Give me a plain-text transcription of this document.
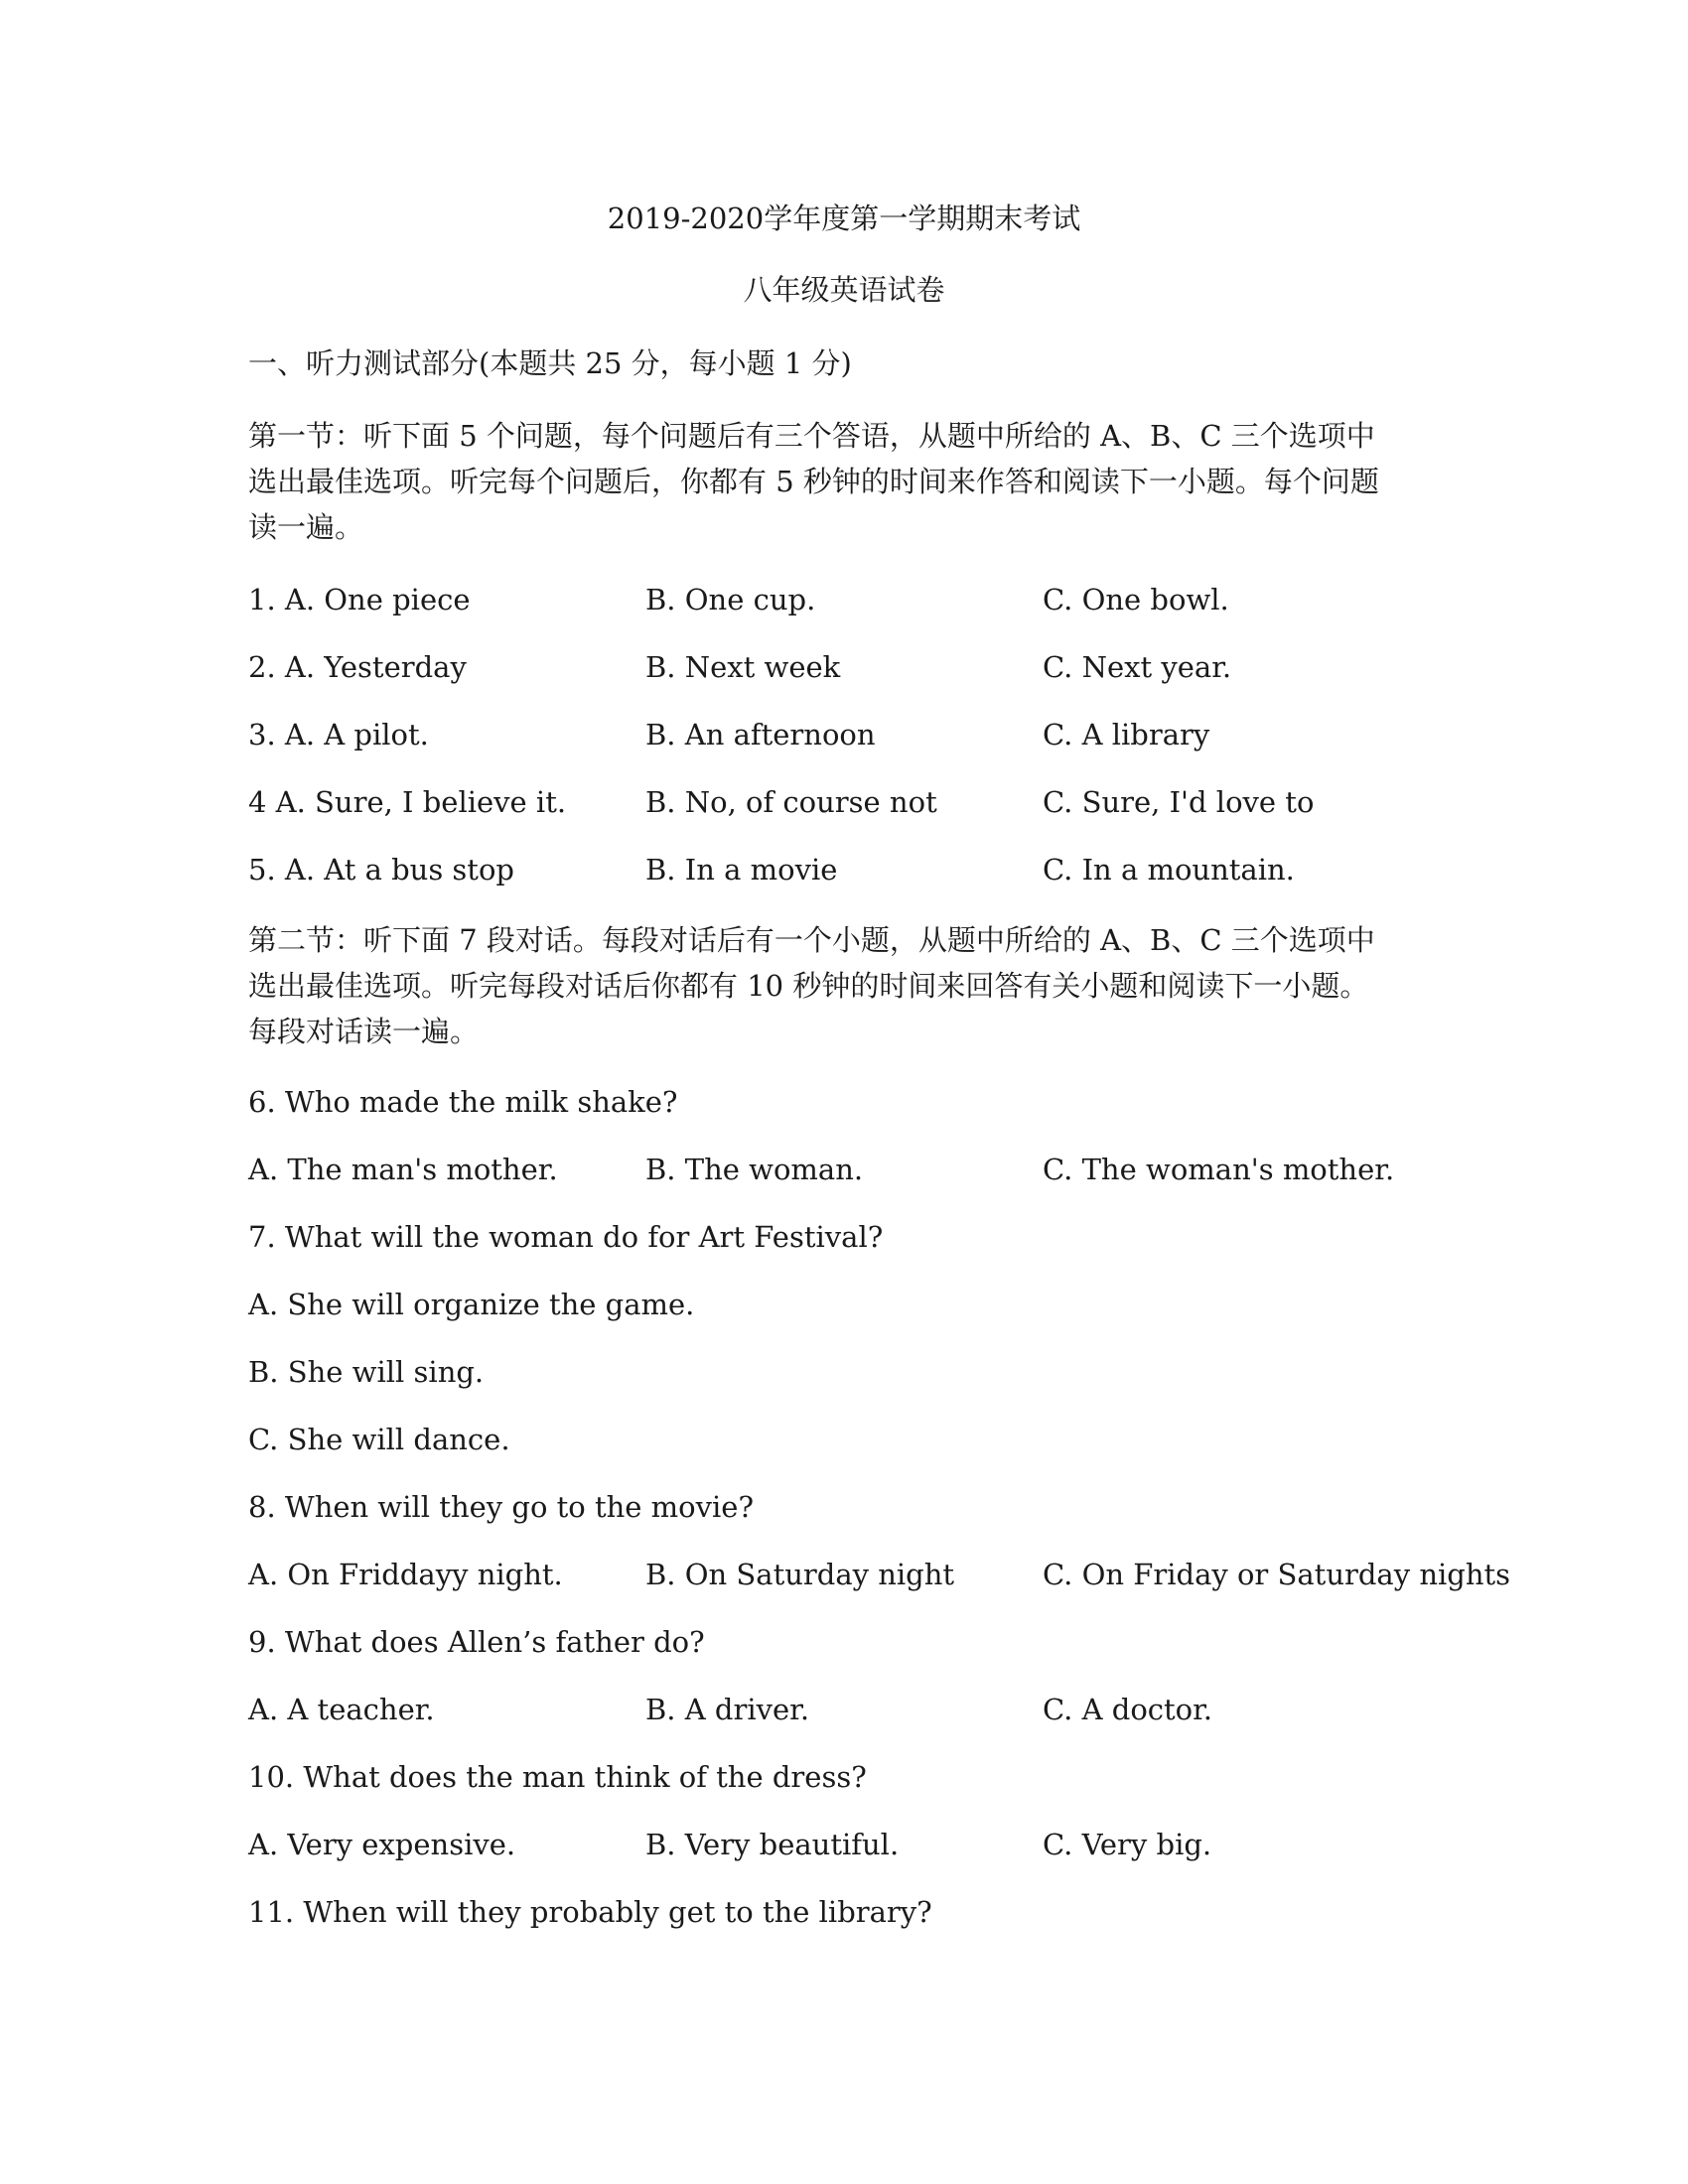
2019-2020学年度第一学期期末考试
八年级英语试卷
一、听力测试部分(本题共 25 分，每小题 1 分)
第一节：听下面 5 个问题，每个问题后有三个答语，从题中所给的 A、B、C 三个选项中
选出最佳选项。听完每个问题后，你都有 5 秒钟的时间来作答和阅读下一小题。每个问题
读一遍。
1. A. One piece	B. One cup.	C. One bowl.
2. A. Yesterday	B. Next week	C. Next year.
3. A. A pilot.	B. An afternoon	C. A library
4 A. Sure, I believe it.	B. No, of course not	C. Sure, I'd love to
5. A. At a bus stop	B. In a movie	C. In a mountain.
第二节：听下面 7 段对话。每段对话后有一个小题，从题中所给的 A、B、C 三个选项中
选出最佳选项。听完每段对话后你都有 10 秒钟的时间来回答有关小题和阅读下一小题。
每段对话读一遍。
6. Who made the milk shake?
A. The man's mother.	B. The woman.	C. The woman's mother.
7. What will the woman do for Art Festival?
A. She will organize the game.
B. She will sing.
C. She will dance.
8. When will they go to the movie?
A. On Friddayy night.	B. On Saturday night	C. On Friday or Saturday nights
9. What does Allen’s father do?
A. A teacher.	B. A driver.	C. A doctor.
10. What does the man think of the dress?
A. Very expensive.	B. Very beautiful.	C. Very big.
11. When will they probably get to the library?
